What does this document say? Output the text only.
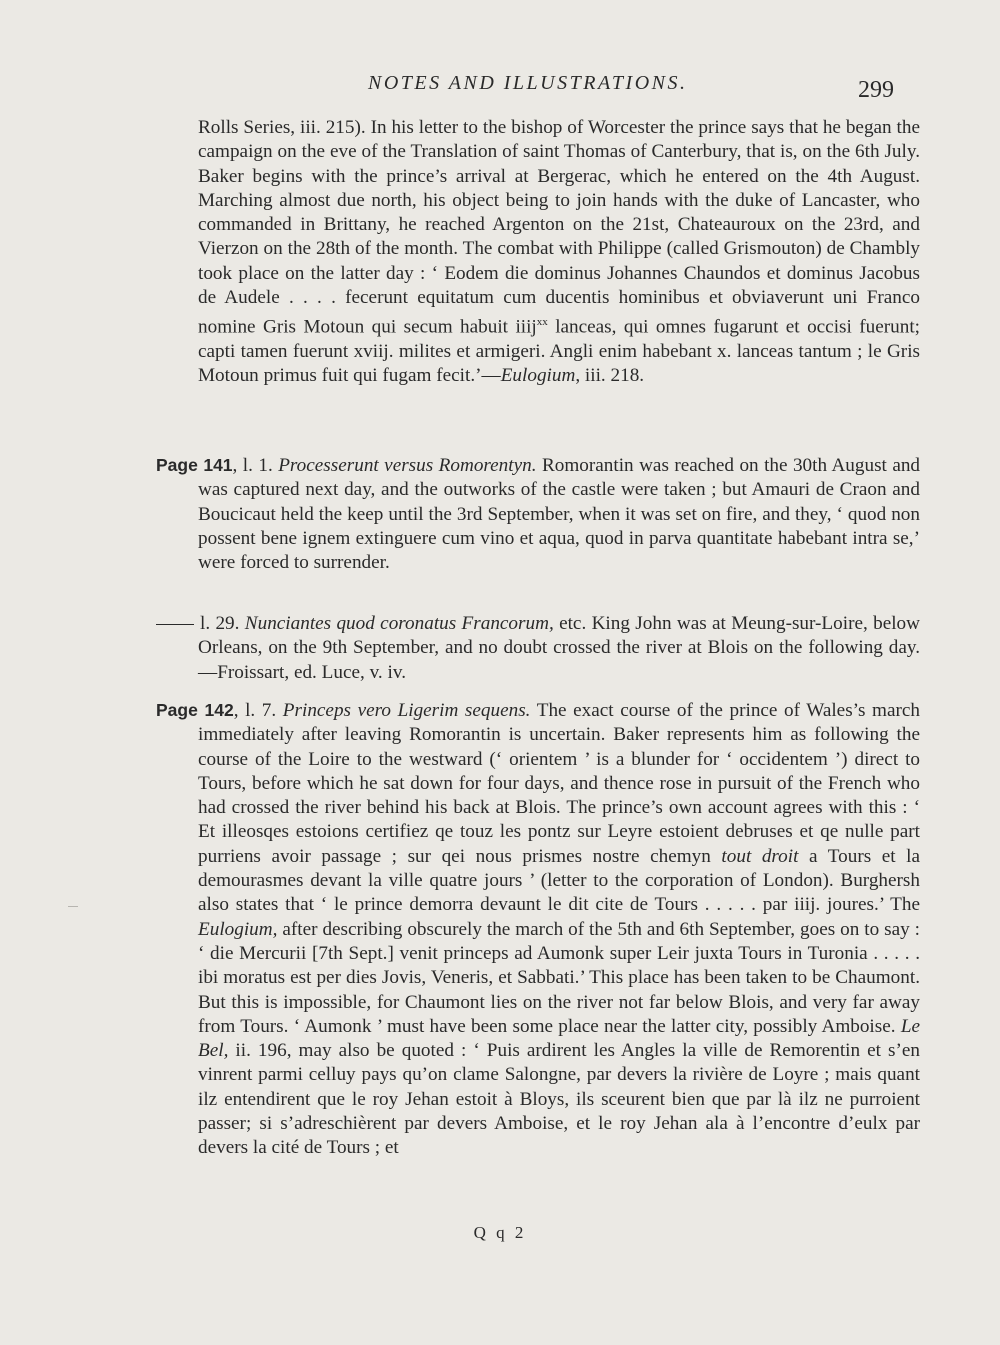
NOTES AND ILLUSTRATIONS.	299

Rolls Series, iii. 215). In his letter to the bishop of Worcester the prince says that he began the campaign on the eve of the Translation of saint Thomas of Canterbury, that is, on the 6th July. Baker begins with the prince’s arrival at Bergerac, which he entered on the 4th August. Marching almost due north, his object being to join hands with the duke of Lancaster, who commanded in Brittany, he reached Argenton on the 21st, Chateauroux on the 23rd, and Vierzon on the 28th of the month. The combat with Philippe (called Grismouton) de Chambly took place on the latter day : ‘ Eodem die dominus Johannes Chaundos et dominus Jacobus de Audele . . . . fecerunt equitatum cum ducentis hominibus et obviaverunt uni Franco nomine Gris Motoun qui secum habuit iiij$^{xx}$ lanceas, qui omnes fugarunt et occisi fuerunt; capti tamen fuerunt xviij. milites et armigeri. Angli enim habebant x. lanceas tantum ; le Gris Motoun primus fuit qui fugam fecit.’—Eulogium, iii. 218.

Page 141, l. 1. Processerunt versus Romorentyn. Romorantin was reached on the 30th August and was captured next day, and the outworks of the castle were taken ; but Amauri de Craon and Boucicaut held the keep until the 3rd September, when it was set on fire, and they, ‘ quod non possent bene ignem extinguere cum vino et aqua, quod in parva quantitate habebant intra se,’ were forced to surrender.

l. 29. Nunciantes quod coronatus Francorum, etc. King John was at Meung-sur-Loire, below Orleans, on the 9th September, and no doubt crossed the river at Blois on the following day.—Froissart, ed. Luce, v. iv.

Page 142, l. 7. Princeps vero Ligerim sequens. The exact course of the prince of Wales’s march immediately after leaving Romorantin is uncertain. Baker represents him as following the course of the Loire to the westward (‘ orientem ’ is a blunder for ‘ occidentem ’) direct to Tours, before which he sat down for four days, and thence rose in pursuit of the French who had crossed the river behind his back at Blois. The prince’s own account agrees with this : ‘ Et illeosqes estoions certifiez qe touz les pontz sur Leyre estoient debruses et qe nulle part purriens avoir passage ; sur qei nous prismes nostre chemyn tout droit a Tours et la demourasmes devant la ville quatre jours ’ (letter to the corporation of London). Burghersh also states that ‘ le prince demorra devaunt le dit cite de Tours . . . . . par iiij. joures.’ The Eulogium, after describing obscurely the march of the 5th and 6th September, goes on to say : ‘ die Mercurii [7th Sept.] venit princeps ad Aumonk super Leir juxta Tours in Turonia . . . . . ibi moratus est per dies Jovis, Veneris, et Sabbati.’ This place has been taken to be Chaumont. But this is impossible, for Chaumont lies on the river not far below Blois, and very far away from Tours. ‘ Aumonk ’ must have been some place near the latter city, possibly Amboise. Le Bel, ii. 196, may also be quoted : ‘ Puis ardirent les Angles la ville de Remorentin et s’en vinrent parmi celluy pays qu’on clame Salongne, par devers la rivière de Loyre ; mais quant ilz entendirent que le roy Jehan estoit à Bloys, ils sceurent bien que par là ilz ne purroient passer; si s’adreschièrent par devers Amboise, et le roy Jehan ala à l’encontre d’eulx par devers la cité de Tours ; et

Q q 2
